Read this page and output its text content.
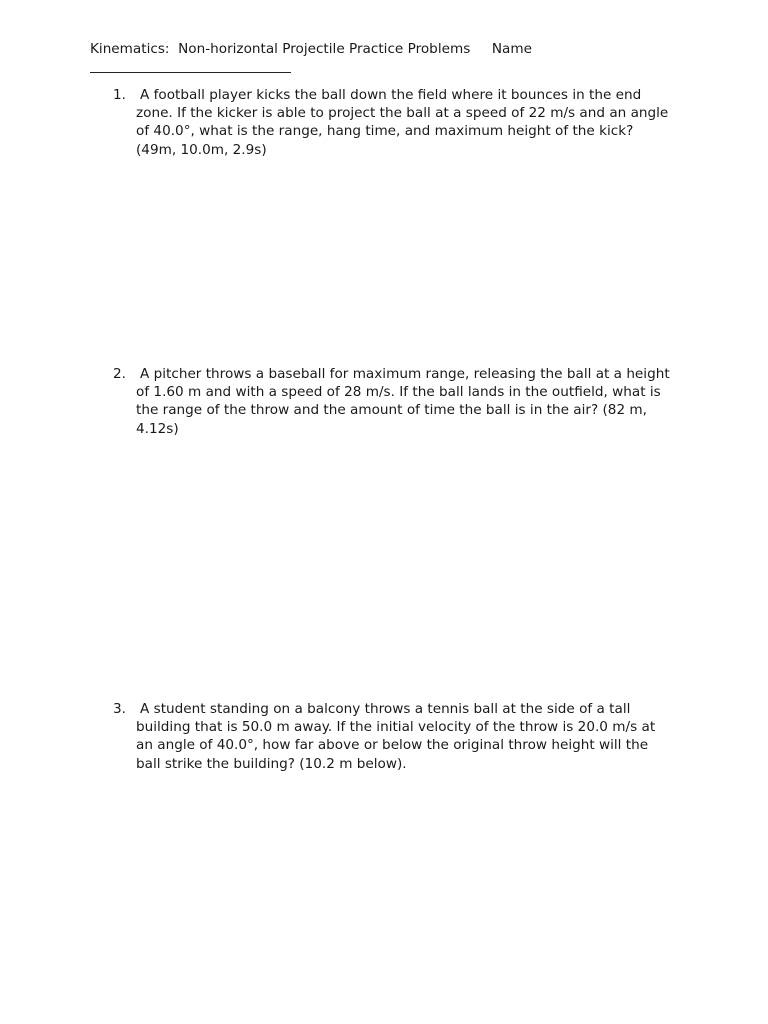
Kinematics:  Non-horizontal Projectile Practice Problems Name
1.	A football player kicks the ball down the field where it bounces in the end zone. If the kicker is able to project the ball at a speed of 22 m/s and an angle of 40.0°, what is the range, hang time, and maximum height of the kick? (49m, 10.0m, 2.9s)
2.	A pitcher throws a baseball for maximum range, releasing the ball at a height of 1.60 m and with a speed of 28 m/s. If the ball lands in the outfield, what is the range of the throw and the amount of time the ball is in the air? (82 m, 4.12s)
3.	A student standing on a balcony throws a tennis ball at the side of a tall building that is 50.0 m away. If the initial velocity of the throw is 20.0 m/s at an angle of 40.0°, how far above or below the original throw height will the ball strike the building? (10.2 m below).
